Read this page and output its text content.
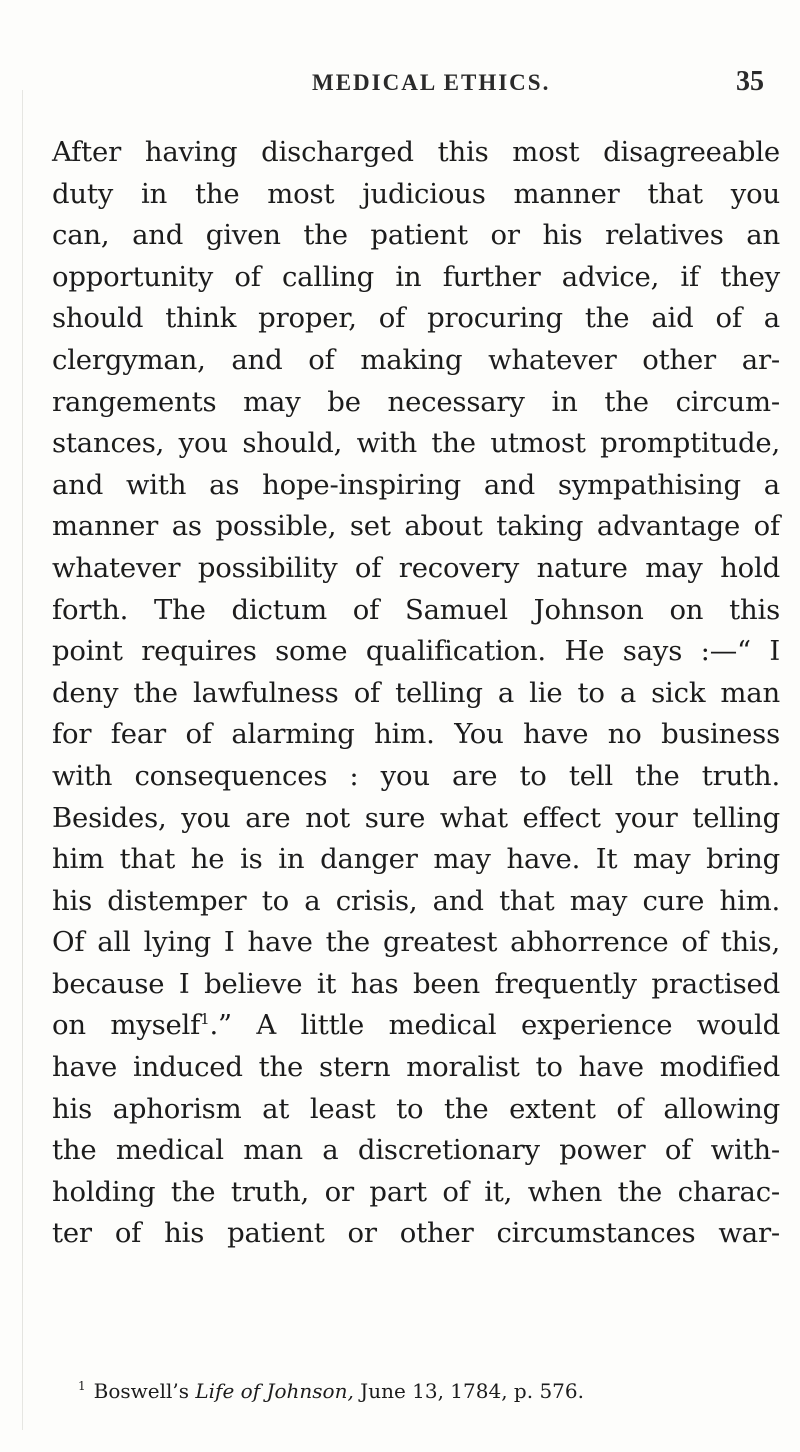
MEDICAL ETHICS.	35
After having discharged this most disagreeable
duty in the most judicious manner that you
can, and given the patient or his relatives an
opportunity of calling in further advice, if they
should think proper, of procuring the aid of a
clergyman, and of making whatever other ar-
rangements may be necessary in the circum-
stances, you should, with the utmost promptitude,
and with as hope-inspiring and sympathising a
manner as possible, set about taking advantage of
whatever possibility of recovery nature may hold
forth. The dictum of Samuel Johnson on this
point requires some qualification. He says :—“ I
deny the lawfulness of telling a lie to a sick man
for fear of alarming him. You have no business
with consequences : you are to tell the truth.
Besides, you are not sure what effect your telling
him that he is in danger may have. It may bring
his distemper to a crisis, and that may cure him.
Of all lying I have the greatest abhorrence of this,
because I believe it has been frequently practised
on myself$^1$.” A little medical experience would
have induced the stern moralist to have modified
his aphorism at least to the extent of allowing
the medical man a discretionary power of with-
holding the truth, or part of it, when the charac-
ter of his patient or other circumstances war-
$^1$ Boswell’s Life of Johnson, June 13, 1784, p. 576.
